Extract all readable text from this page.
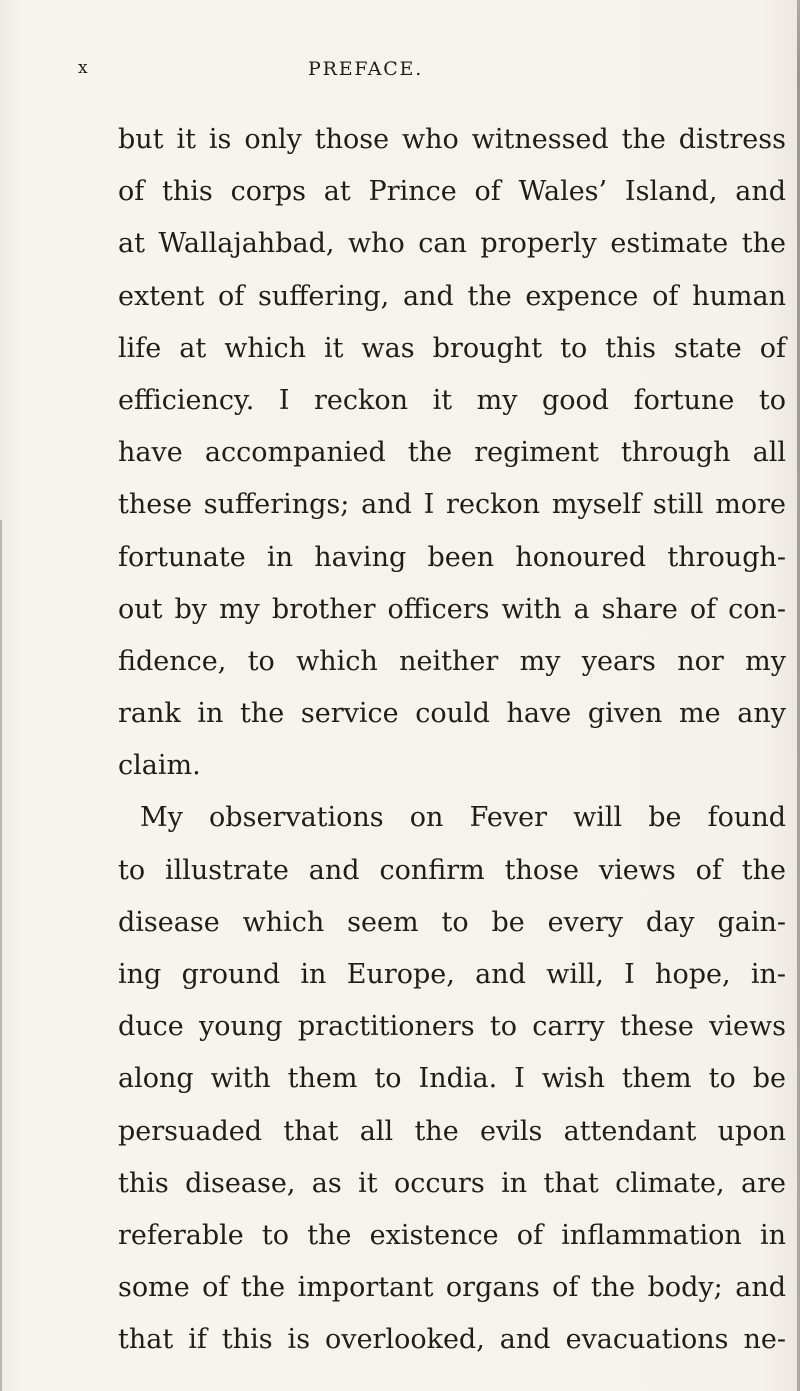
x	PREFACE.
but it is only those who witnessed the distress
of this corps at Prince of Wales’ Island, and
at Wallajahbad, who can properly estimate the
extent of suffering, and the expence of human
life at which it was brought to this state of
efficiency. I reckon it my good fortune to
have accompanied the regiment through all
these sufferings; and I reckon myself still more
fortunate in having been honoured through-
out by my brother officers with a share of con-
fidence, to which neither my years nor my
rank in the service could have given me any
claim.
My observations on Fever will be found
to illustrate and confirm those views of the
disease which seem to be every day gain-
ing ground in Europe, and will, I hope, in-
duce young practitioners to carry these views
along with them to India. I wish them to be
persuaded that all the evils attendant upon
this disease, as it occurs in that climate, are
referable to the existence of inflammation in
some of the important organs of the body; and
that if this is overlooked, and evacuations ne-
